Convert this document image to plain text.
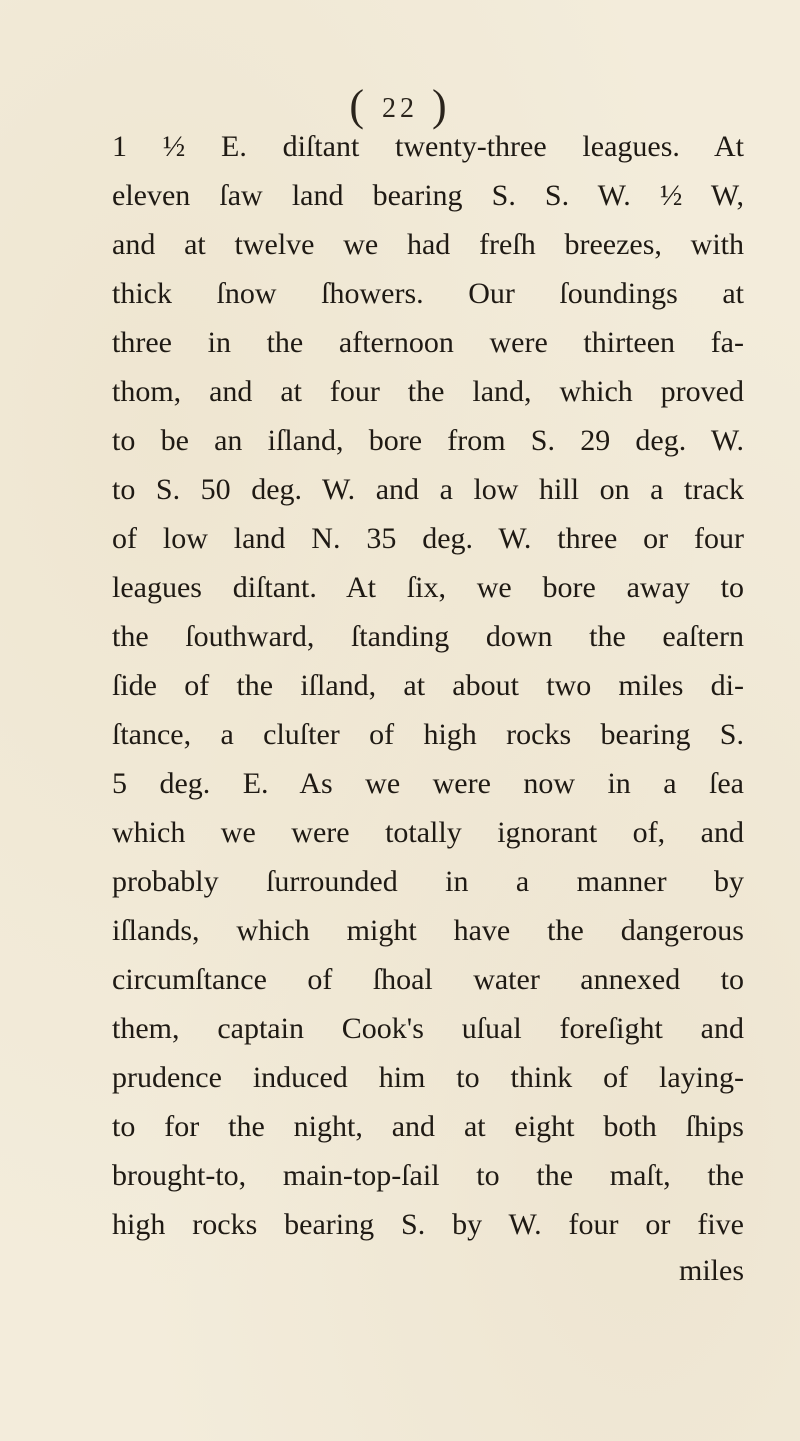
( 22 )
1 ½ E. diſtant twenty-three leagues. At
eleven ſaw land bearing S. S. W. ½ W,
and at twelve we had freſh breezes, with
thick ſnow ſhowers. Our ſoundings at
three in the afternoon were thirteen fa-
thom, and at four the land, which proved
to be an iſland, bore from S. 29 deg. W.
to S. 50 deg. W. and a low hill on a track
of low land N. 35 deg. W. three or four
leagues diſtant. At ſix, we bore away to
the ſouthward, ſtanding down the eaſtern
ſide of the iſland, at about two miles di-
ſtance, a cluſter of high rocks bearing S.
5 deg. E. As we were now in a ſea
which we were totally ignorant of, and
probably ſurrounded in a manner by
iſlands, which might have the dangerous
circumſtance of ſhoal water annexed to
them, captain Cook's uſual foreſight and
prudence induced him to think of laying-
to for the night, and at eight both ſhips
brought-to, main-top-ſail to the maſt, the
high rocks bearing S. by W. four or five
miles
